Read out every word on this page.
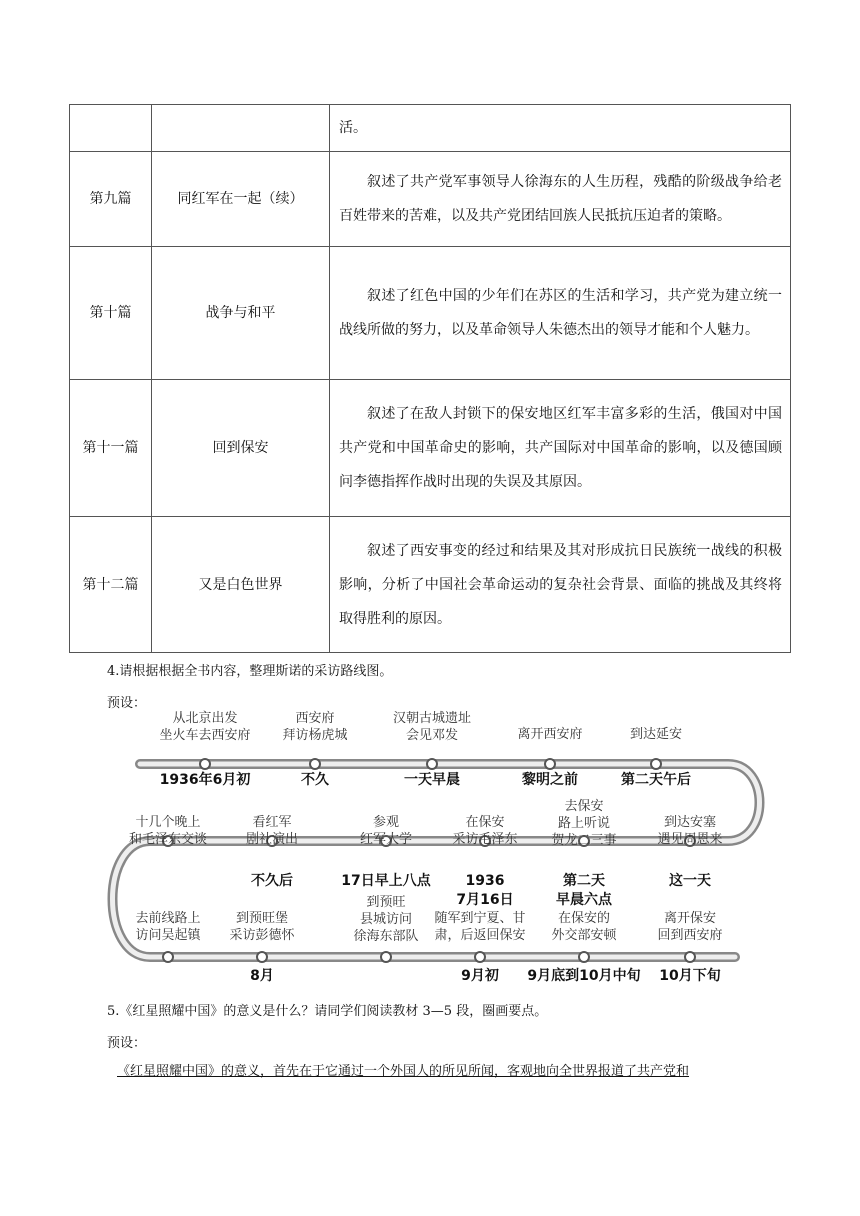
		活。

第九篇	同红军在一起（续）	叙述了共产党军事领导人徐海东的人生历程，残酷的阶级战争给老百姓带来的苦难，以及共产党团结回族人民抵抗压迫者的策略。

第十篇	战争与和平	叙述了红色中国的少年们在苏区的生活和学习，共产党为建立统一战线所做的努力，以及革命领导人朱德杰出的领导才能和个人魅力。

第十一篇	回到保安	叙述了在敌人封锁下的保安地区红军丰富多彩的生活，俄国对中国共产党和中国革命史的影响，共产国际对中国革命的影响，以及德国顾问李德指挥作战时出现的失误及其原因。

第十二篇	又是白色世界	叙述了西安事变的经过和结果及其对形成抗日民族统一战线的积极影响，分析了中国社会革命运动的复杂社会背景、面临的挑战及其终将取得胜利的原因。
4.请根据根据全书内容，整理斯诺的采访路线图。
预设：
从北京出发
坐火车去西安府
1936年6月初
西安府
拜访杨虎城
不久
汉朝古城遗址
会见邓发
一天早晨
离开西安府
黎明之前
到达延安
第二天午后
十几个晚上
和毛泽东交谈
看红军
剧社演出
不久后
参观
红军大学
17日早上八点
在保安
采访毛泽东
1936
7月16日
去保安
路上听说
贺龙二三事
第二天
早晨六点
到达安塞
遇见周恩来
这一天
去前线路上
访问吴起镇
到预旺堡
采访彭德怀
8月
到预旺
县城访问
徐海东部队
随军到宁夏、甘
肃，后返回保安
9月初
在保安的
外交部安顿
9月底到10月中旬
离开保安
回到西安府
10月下旬
5.《红星照耀中国》的意义是什么？请同学们阅读教材 3—5 段，圈画要点。
预设：
《红星照耀中国》的意义，首先在于它通过一个外国人的所见所闻，客观地向全世界报道了共产党和
